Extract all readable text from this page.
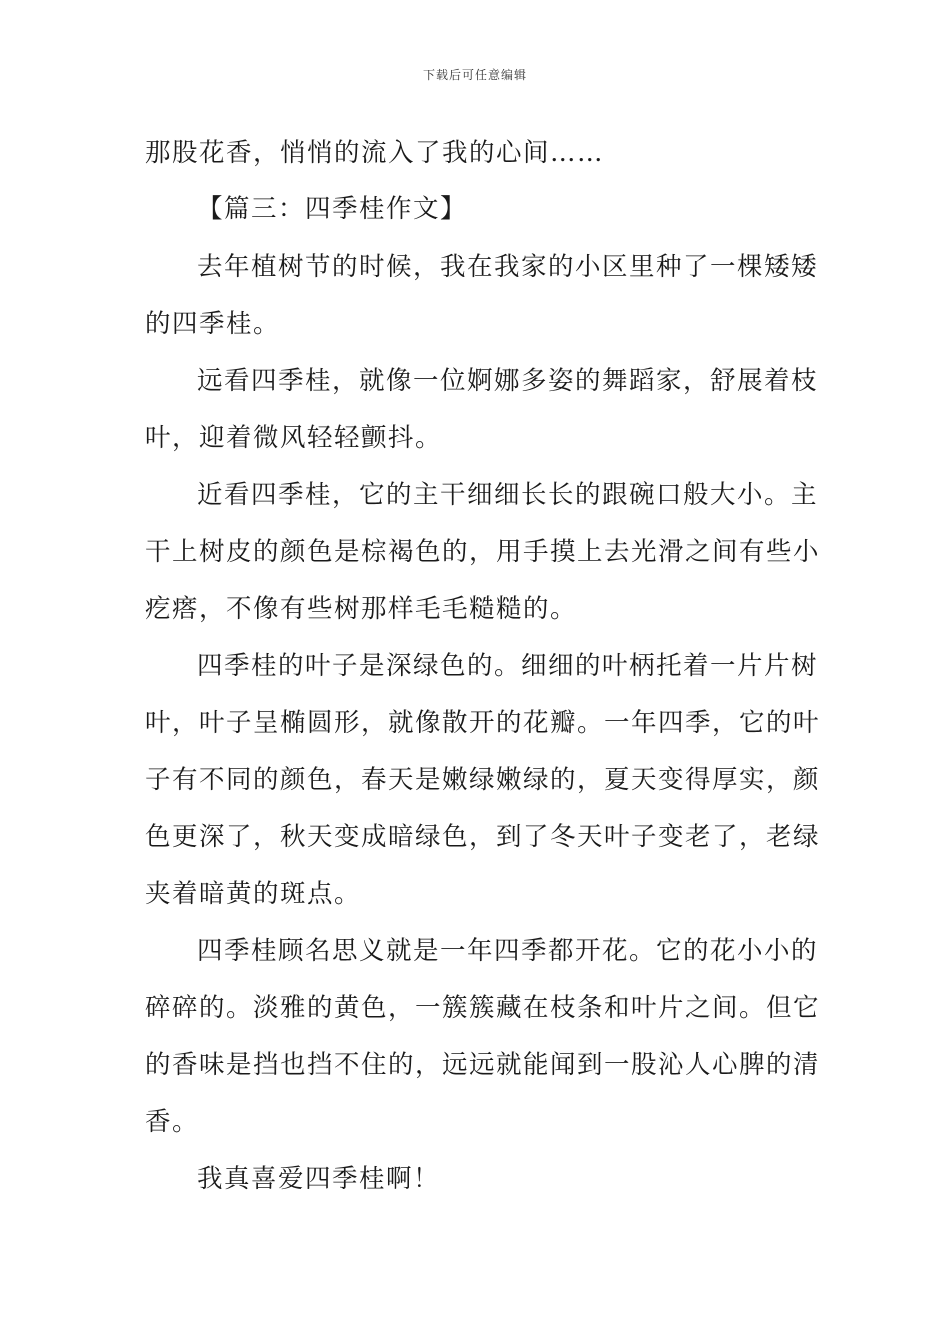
下载后可任意编辑
那股花香，悄悄的流入了我的心间……
【篇三：四季桂作文】
去年植树节的时候，我在我家的小区里种了一棵矮矮
的四季桂。
远看四季桂，就像一位婀娜多姿的舞蹈家，舒展着枝
叶，迎着微风轻轻颤抖。
近看四季桂，它的主干细细长长的跟碗口般大小。主
干上树皮的颜色是棕褐色的，用手摸上去光滑之间有些小
疙瘩，不像有些树那样毛毛糙糙的。
四季桂的叶子是深绿色的。细细的叶柄托着一片片树
叶，叶子呈椭圆形，就像散开的花瓣。一年四季，它的叶
子有不同的颜色，春天是嫩绿嫩绿的，夏天变得厚实，颜
色更深了，秋天变成暗绿色，到了冬天叶子变老了，老绿
夹着暗黄的斑点。
四季桂顾名思义就是一年四季都开花。它的花小小的
碎碎的。淡雅的黄色，一簇簇藏在枝条和叶片之间。但它
的香味是挡也挡不住的，远远就能闻到一股沁人心脾的清
香。
我真喜爱四季桂啊！
